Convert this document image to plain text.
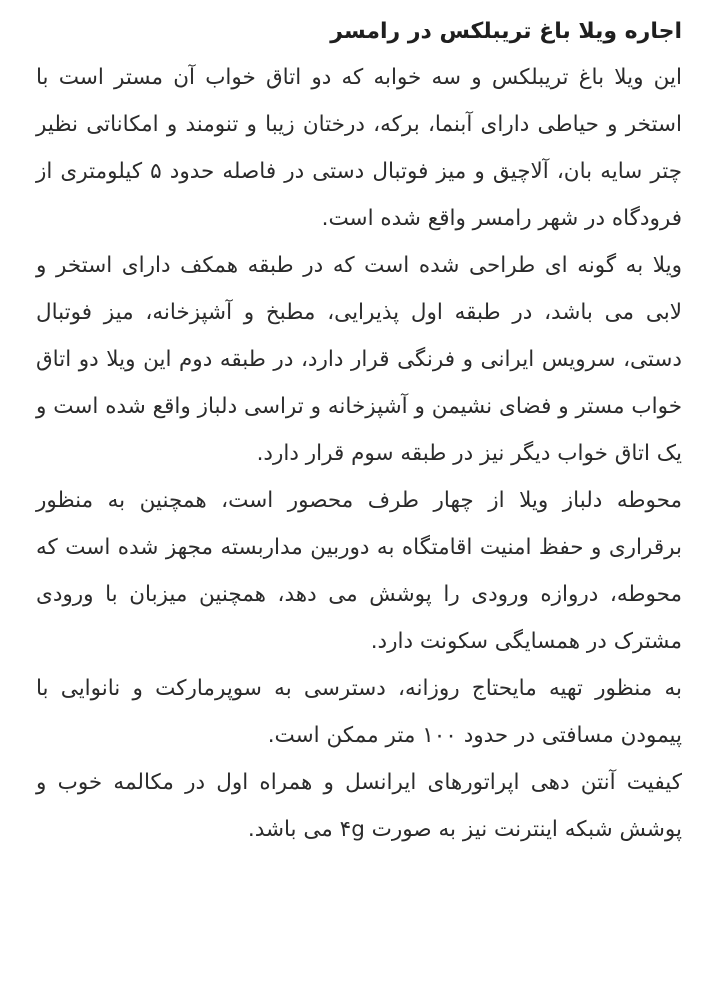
اجاره ویلا باغ تریبلکس در رامسر

این ویلا باغ تریبلکس و سه خوابه که دو اتاق خواب آن مستر است با استخر و حیاطی دارای آبنما، برکه، درختان زیبا و تنومند و امکاناتی نظیر چتر سایه بان، آلاچیق و میز فوتبال دستی در فاصله حدود ۵ کیلومتری از فرودگاه در شهر رامسر واقع شده است.

ویلا به گونه ای طراحی شده است که در طبقه همکف دارای استخر و لابی می باشد، در طبقه اول پذیرایی، مطبخ و آشپزخانه، میز فوتبال دستی، سرویس ایرانی و فرنگی قرار دارد، در طبقه دوم این ویلا دو اتاق خواب مستر و فضای نشیمن و آشپزخانه و تراسی دلباز واقع شده است و یک اتاق خواب دیگر نیز در طبقه سوم قرار دارد.

محوطه دلباز ویلا از چهار طرف محصور است، همچنین به منظور برقراری و حفظ امنیت اقامتگاه به دوربین مداربسته مجهز شده است که محوطه، دروازه ورودی را پوشش می دهد، همچنین میزبان با ورودی مشترک در همسایگی سکونت دارد.

به منظور تهیه مایحتاج روزانه، دسترسی به سوپرمارکت و نانوایی با پیمودن مسافتی در حدود ۱۰۰ متر ممکن است.

کیفیت آنتن دهی اپراتورهای ایرانسل و همراه اول در مکالمه خوب و پوشش شبکه اینترنت نیز به صورت ۴g می باشد.
